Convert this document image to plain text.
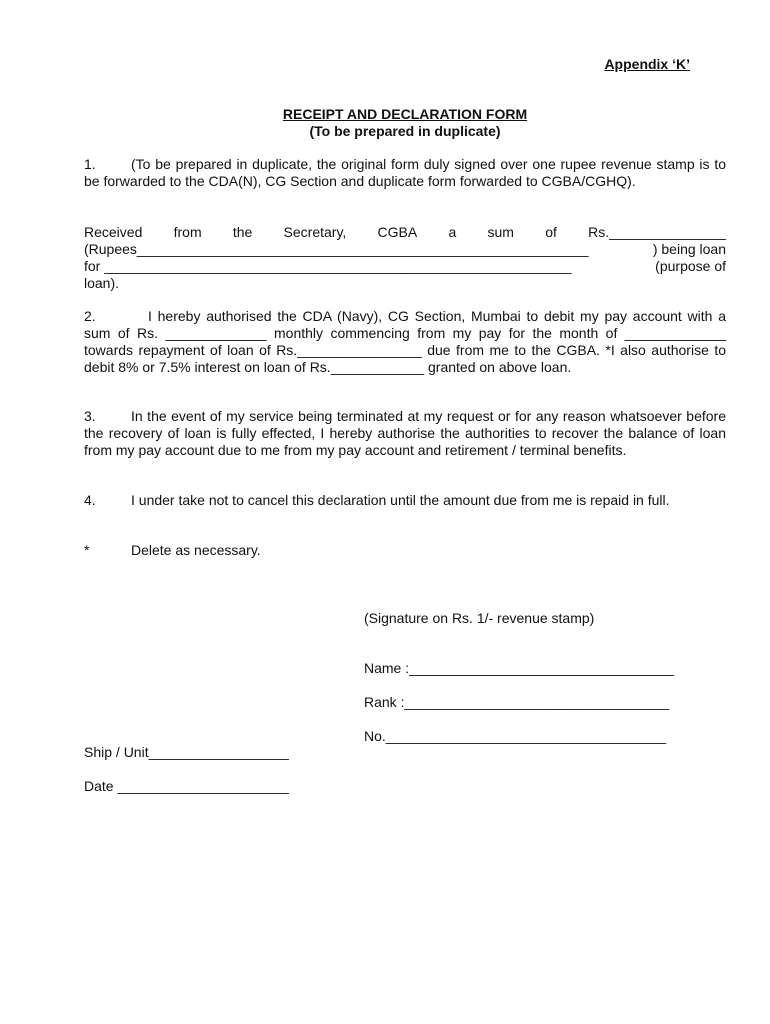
Appendix ‘K’
RECEIPT AND DECLARATION FORM
(To be prepared in duplicate)
1.	(To be prepared in duplicate, the original form duly signed over one rupee revenue stamp is to be forwarded to the CDA(N), CG Section and duplicate form forwarded to CGBA/CGHQ).
Received from the Secretary, CGBA a sum of Rs._______________
(Rupees__________________________________________________________	) being loan
for ____________________________________________________________	(purpose of
loan).
2.	I hereby authorised the CDA (Navy), CG Section, Mumbai to debit my pay account with a sum of Rs. _____________ monthly commencing from my pay for the month of _____________ towards repayment of loan of Rs.________________ due from me to the CGBA. *I also authorise to debit 8% or 7.5% interest on loan of Rs.____________ granted on above loan.
3.	In the event of my service being terminated at my request or for any reason whatsoever before the recovery of loan is fully effected, I hereby authorise the authorities to recover the balance of loan from my pay account due to me from my pay account and retirement / terminal benefits.
4.	I under take not to cancel this declaration until the amount due from me is repaid in full.
*	Delete as necessary.
(Signature on Rs. 1/- revenue stamp)
Name :__________________________________
Rank :__________________________________
No.____________________________________
Ship / Unit__________________
Date ______________________
